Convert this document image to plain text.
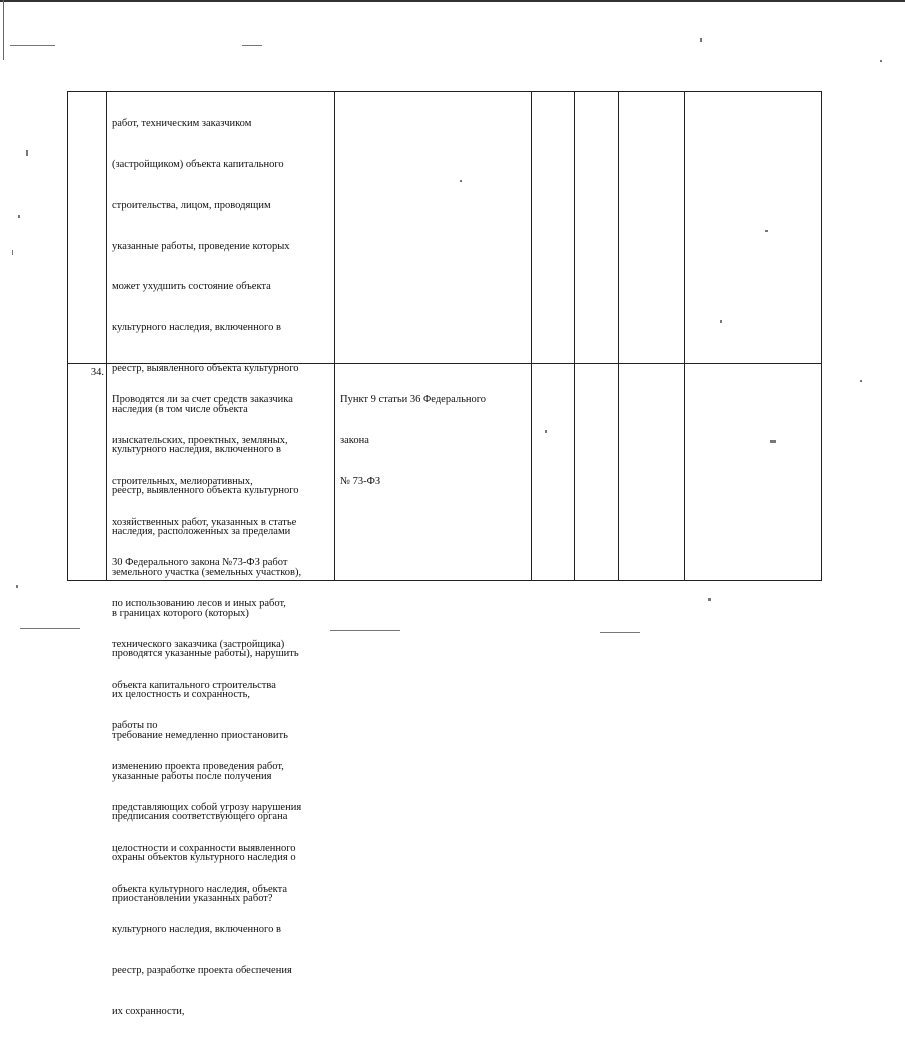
работ, техническим заказчиком

(застройщиком) объекта капитального

строительства, лицом, проводящим

указанные работы, проведение которых

может ухудшить состояние объекта

культурного наследия, включенного в

реестр, выявленного объекта культурного

наследия (в том числе объекта

культурного наследия, включенного в

реестр, выявленного объекта культурного

наследия, расположенных за пределами

земельного участка (земельных участков),

в границах которого (которых)

проводятся указанные работы), нарушить

их целостность и сохранность,

требование немедленно приостановить

указанные работы после получения

предписания соответствующего органа

охраны объектов культурного наследия о

приостановлении указанных работ?

34.

Проводятся ли за счет средств заказчика

изыскательских, проектных, земляных,

строительных, мелиоративных,

хозяйственных работ, указанных в статье

30 Федерального закона №73-ФЗ работ

по использованию лесов и иных работ,

технического заказчика (застройщика)

объекта капитального строительства

работы по

изменению проекта проведения работ,

представляющих собой угрозу нарушения

целостности и сохранности выявленного

объекта культурного наследия, объекта

культурного наследия, включенного в

реестр, разработке проекта обеспечения

их сохранности,

Пункт 9 статьи 36 Федерального

закона

№ 73-ФЗ
